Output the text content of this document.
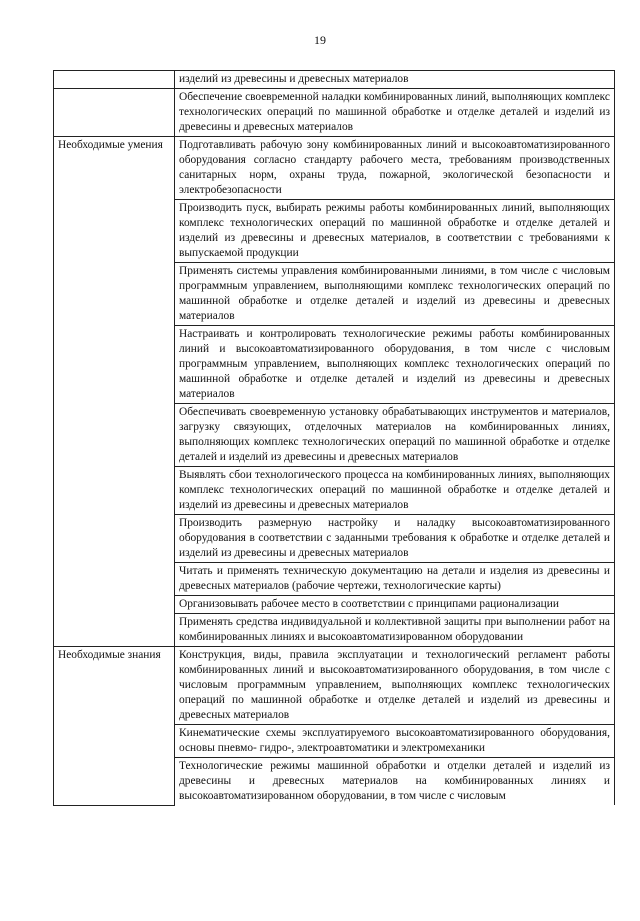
19
	изделий из древесины и древесных материалов
	Обеспечение своевременной наладки комбинированных линий, выполняющих комплекс технологических операций по машинной обработке и отделке деталей и изделий из древесины и древесных материалов
Необходимые умения	Подготавливать рабочую зону комбинированных линий и высокоавтоматизированного оборудования согласно стандарту рабочего места, требованиям производственных санитарных норм, охраны труда, пожарной, экологической безопасности и электробезопасности
	Производить пуск, выбирать режимы работы комбинированных линий, выполняющих комплекс технологических операций по машинной обработке и отделке деталей и изделий из древесины и древесных материалов, в соответствии с требованиями к выпускаемой продукции
	Применять системы управления комбинированными линиями, в том числе с числовым программным управлением, выполняющими комплекс технологических операций по машинной обработке и отделке деталей и изделий из древесины и древесных материалов
	Настраивать и контролировать технологические режимы работы комбинированных линий и высокоавтоматизированного оборудования, в том числе с числовым программным управлением, выполняющих комплекс технологических операций по машинной обработке и отделке деталей и изделий из древесины и древесных материалов
	Обеспечивать своевременную установку обрабатывающих инструментов и материалов, загрузку связующих, отделочных материалов на комбинированных линиях, выполняющих комплекс технологических операций по машинной обработке и отделке деталей и изделий из древесины и древесных материалов
	Выявлять сбои технологического процесса на комбинированных линиях, выполняющих комплекс технологических операций по машинной обработке и отделке деталей и изделий из древесины и древесных материалов
	Производить размерную настройку и наладку высокоавтоматизированного оборудования в соответствии с заданными требования к обработке и отделке деталей и изделий из древесины и древесных материалов
	Читать и применять техническую документацию на детали и изделия из древесины и древесных материалов (рабочие чертежи, технологические карты)
	Организовывать рабочее место в соответствии с принципами рационализации
	Применять средства индивидуальной и коллективной защиты при выполнении работ на комбинированных линиях и высокоавтоматизированном оборудовании
Необходимые знания	Конструкция, виды, правила эксплуатации и технологический регламент работы комбинированных линий и высокоавтоматизированного оборудования, в том числе с числовым программным управлением, выполняющих комплекс технологических операций по машинной обработке и отделке деталей и изделий из древесины и древесных материалов
	Кинематические схемы эксплуатируемого высокоавтоматизированного оборудования, основы пневмо- гидро-, электроавтоматики и электромеханики
	Технологические режимы машинной обработки и отделки деталей и изделий из древесины и древесных материалов на комбинированных линиях и высокоавтоматизированном оборудовании, в том числе с числовым
